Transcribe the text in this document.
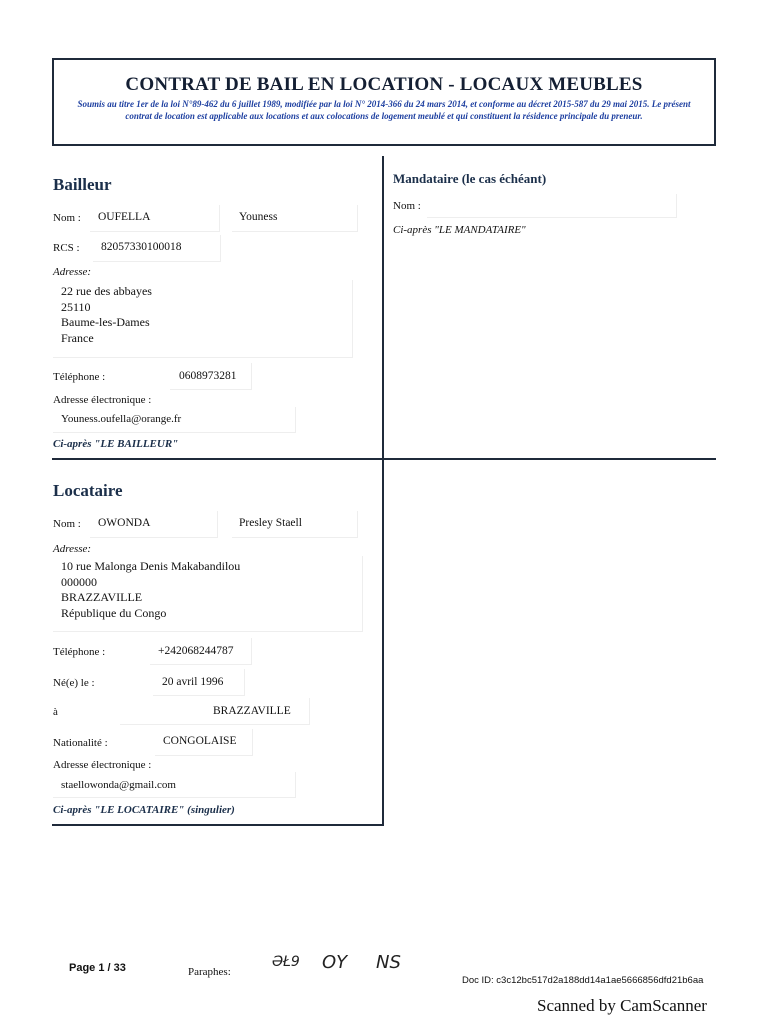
CONTRAT DE BAIL EN LOCATION - LOCAUX MEUBLES
Soumis au titre 1er de la loi N°89-462 du 6 juillet 1989, modifiée par la loi N° 2014-366 du 24 mars 2014, et conforme au décret 2015-587 du 29 mai 2015. Le présent contrat de location est applicable aux locations et aux colocations de logement meublé et qui constituent la résidence principale du preneur.
Bailleur
Nom : OUFELLA	Youness
RCS : 82057330100018
Adresse:
22 rue des abbayes
25110
Baume-les-Dames
France
Téléphone :	0608973281
Adresse électronique :
Youness.oufella@orange.fr
Ci-après "LE BAILLEUR"
Mandataire (le cas échéant)
Nom :
Ci-après "LE MANDATAIRE"
Locataire
Nom : OWONDA	Presley Staell
Adresse:
10 rue Malonga Denis Makabandilou
000000
BRAZZAVILLE
République du Congo
Téléphone :	+242068244787
Né(e) le :	20 avril 1996
à	BRAZZAVILLE
Nationalité :	CONGOLAISE
Adresse électronique :
staellowonda@gmail.com
Ci-après "LE LOCATAIRE" (singulier)
Page 1 / 33	Paraphes:
ƏŁ9 OY NS
Doc ID: c3c12bc517d2a188dd14a1ae5666856dfd21b6aa
Scanned by CamScanner
